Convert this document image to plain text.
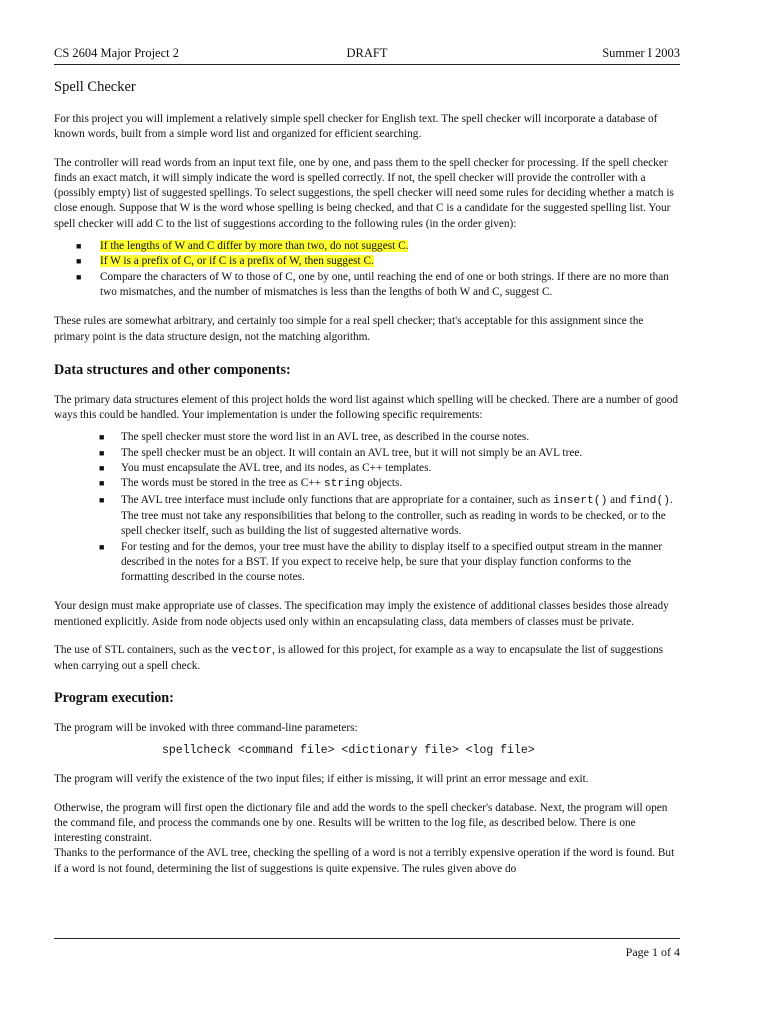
CS 2604 Major Project 2	DRAFT	Summer I 2003
Spell Checker

For this project you will implement a relatively simple spell checker for English text. The spell checker will incorporate a database of known words, built from a simple word list and organized for efficient searching.

The controller will read words from an input text file, one by one, and pass them to the spell checker for processing. If the spell checker finds an exact match, it will simply indicate the word is spelled correctly. If not, the spell checker will provide the controller with a (possibly empty) list of suggested spellings. To select suggestions, the spell checker will need some rules for deciding whether a match is close enough. Suppose that W is the word whose spelling is being checked, and that C is a candidate for the suggested spelling list. Your spell checker will add C to the list of suggestions according to the following rules (in the order given):

■ If the lengths of W and C differ by more than two, do not suggest C.
■ If W is a prefix of C, or if C is a prefix of W, then suggest C.
■ Compare the characters of W to those of C, one by one, until reaching the end of one or both strings. If there are no more than two mismatches, and the number of mismatches is less than the lengths of both W and C, suggest C.

These rules are somewhat arbitrary, and certainly too simple for a real spell checker; that's acceptable for this assignment since the primary point is the data structure design, not the matching algorithm.

Data structures and other components:

The primary data structures element of this project holds the word list against which spelling will be checked. There are a number of good ways this could be handled. Your implementation is under the following specific requirements:

■ The spell checker must store the word list in an AVL tree, as described in the course notes.
■ The spell checker must be an object. It will contain an AVL tree, but it will not simply be an AVL tree.
■ You must encapsulate the AVL tree, and its nodes, as C++ templates.
■ The words must be stored in the tree as C++ string objects.
■ The AVL tree interface must include only functions that are appropriate for a container, such as insert() and find(). The tree must not take any responsibilities that belong to the controller, such as reading in words to be checked, or to the spell checker itself, such as building the list of suggested alternative words.
■ For testing and for the demos, your tree must have the ability to display itself to a specified output stream in the manner described in the notes for a BST. If you expect to receive help, be sure that your display function conforms to the formatting described in the course notes.

Your design must make appropriate use of classes. The specification may imply the existence of additional classes besides those already mentioned explicitly. Aside from node objects used only within an encapsulating class, data members of classes must be private.

The use of STL containers, such as the vector, is allowed for this project, for example as a way to encapsulate the list of suggestions when carrying out a spell check.

Program execution:

The program will be invoked with three command-line parameters:

spellcheck <command file> <dictionary file> <log file>

The program will verify the existence of the two input files; if either is missing, it will print an error message and exit.

Otherwise, the program will first open the dictionary file and add the words to the spell checker's database. Next, the program will open the command file, and process the commands one by one. Results will be written to the log file, as described below. There is one interesting constraint.

Thanks to the performance of the AVL tree, checking the spelling of a word is not a terribly expensive operation if the word is found. But if a word is not found, determining the list of suggestions is quite expensive. The rules given above do

Page 1 of 4
